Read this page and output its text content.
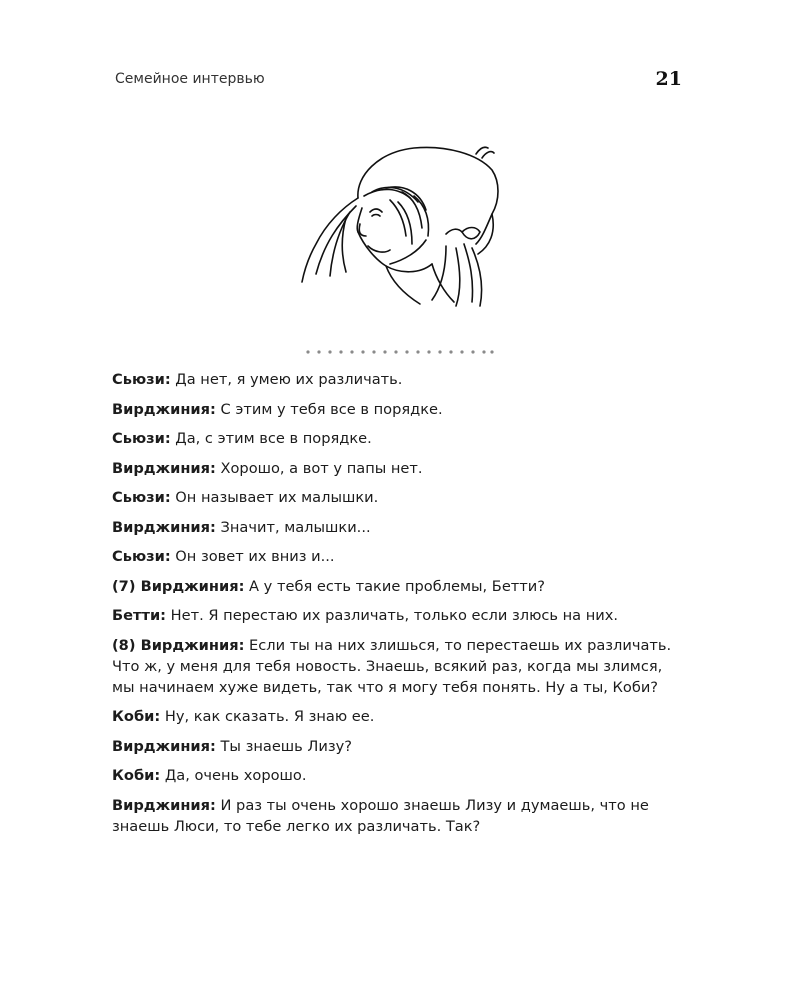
Семейное интервью	21

Сьюзи: Да нет, я умею их различать.

Вирджиния: С этим у тебя все в порядке.

Сьюзи: Да, с этим все в порядке.

Вирджиния: Хорошо, а вот у папы нет.

Сьюзи: Он называет их малышки.

Вирджиния: Значит, малышки...

Сьюзи: Он зовет их вниз и...

(7) Вирджиния: А у тебя есть такие проблемы, Бетти?

Бетти: Нет. Я перестаю их различать, только если злюсь на них.

(8) Вирджиния: Если ты на них злишься, то перестаешь их различать. Что ж, у меня для тебя новость. Знаешь, всякий раз, когда мы злимся, мы начинаем хуже видеть, так что я могу тебя понять. Ну а ты, Коби?

Коби: Ну, как сказать. Я знаю ее.

Вирджиния: Ты знаешь Лизу?

Коби: Да, очень хорошо.

Вирджиния: И раз ты очень хорошо знаешь Лизу и думаешь, что не знаешь Люси, то тебе легко их различать. Так?
